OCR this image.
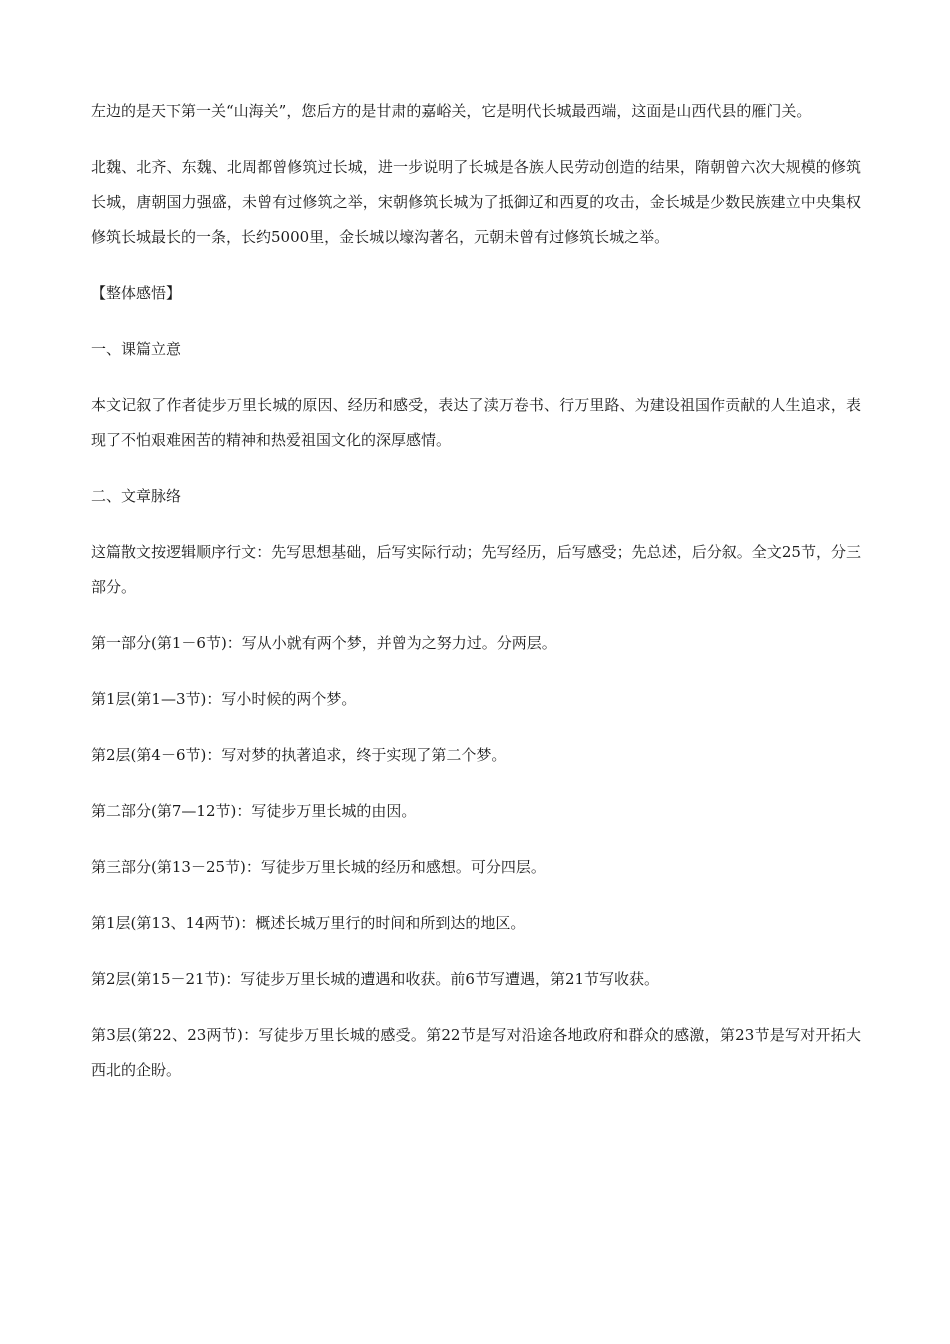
左边的是天下第一关“山海关”，您后方的是甘肃的嘉峪关，它是明代长城最西端，这面是山西代县的雁门关。

北魏、北齐、东魏、北周都曾修筑过长城，进一步说明了长城是各族人民劳动创造的结果，隋朝曾六次大规模的修筑长城，唐朝国力强盛，未曾有过修筑之举，宋朝修筑长城为了抵御辽和西夏的攻击，金长城是少数民族建立中央集权修筑长城最长的一条，长约5000里，金长城以壕沟著名，元朝未曾有过修筑长城之举。

【整体感悟】

一、课篇立意

本文记叙了作者徒步万里长城的原因、经历和感受，表达了渎万卷书、行万里路、为建设祖国作贡献的人生追求，表现了不怕艰难困苦的精神和热爱祖国文化的深厚感情。

二、文章脉络

这篇散文按逻辑顺序行文：先写思想基础，后写实际行动；先写经历，后写感受；先总述，后分叙。全文25节，分三部分。

第一部分(第1－6节)：写从小就有两个梦，并曾为之努力过。分两层。

第1层(第1—3节)：写小时候的两个梦。

第2层(第4－6节)：写对梦的执著追求，终于实现了第二个梦。

第二部分(第7—12节)：写徒步万里长城的由因。

第三部分(第13－25节)：写徒步万里长城的经历和感想。可分四层。

第1层(第13、14两节)：概述长城万里行的时间和所到达的地区。

第2层(第15－21节)：写徒步万里长城的遭遇和收获。前6节写遭遇，第21节写收获。

第3层(第22、23两节)：写徒步万里长城的感受。第22节是写对沿途各地政府和群众的感激，第23节是写对开拓大西北的企盼。
